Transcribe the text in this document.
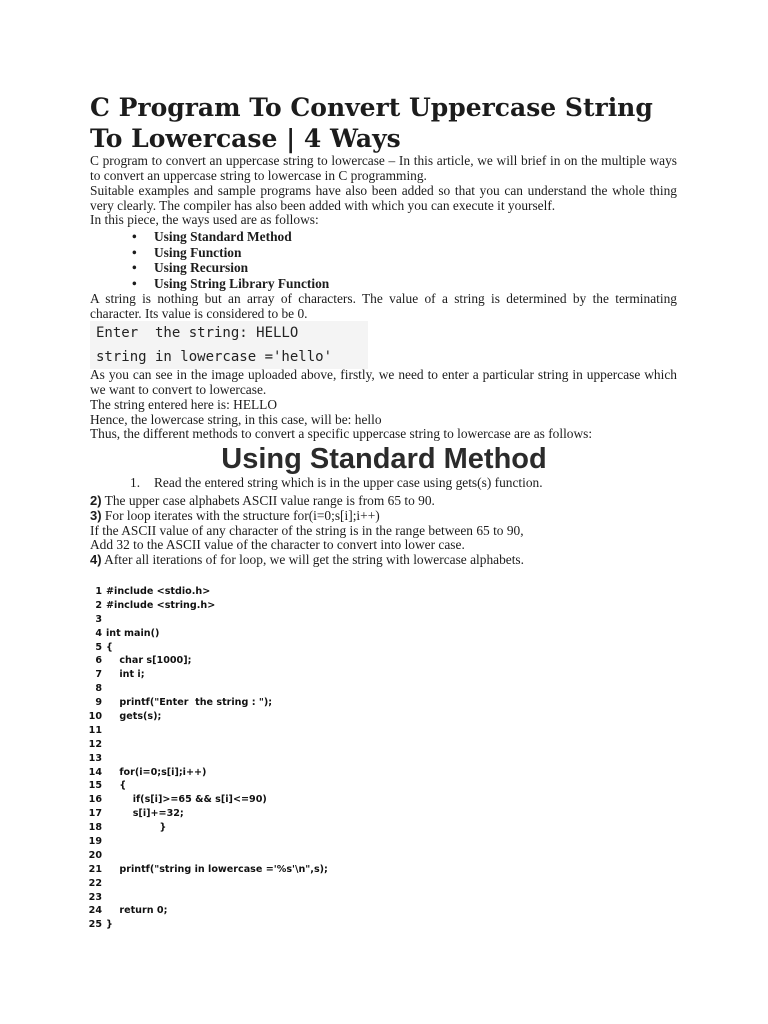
C Program To Convert Uppercase String To Lowercase | 4 Ways

C program to convert an uppercase string to lowercase – In this article, we will brief in on the multiple ways to convert an uppercase string to lowercase in C programming.

Suitable examples and sample programs have also been added so that you can understand the whole thing very clearly. The compiler has also been added with which you can execute it yourself.

In this piece, the ways used are as follows:

• Using Standard Method
• Using Function
• Using Recursion
• Using String Library Function

A string is nothing but an array of characters. The value of a string is determined by the terminating character. Its value is considered to be 0.

Enter  the string: HELLO
string in lowercase ='hello'

As you can see in the image uploaded above, firstly, we need to enter a particular string in uppercase which we want to convert to lowercase.

The string entered here is: HELLO

Hence, the lowercase string, in this case, will be: hello

Thus, the different methods to convert a specific uppercase string to lowercase are as follows:

Using Standard Method
1. Read the entered string which is in the upper case using gets(s) function.

2) The upper case alphabets ASCII value range is from 65 to 90.

3) For loop iterates with the structure for(i=0;s[i];i++)

If the ASCII value of any character of the string is in the range between 65 to 90,

Add 32 to the ASCII value of the character to convert into lower case.

4) After all iterations of for loop, we will get the string with lowercase alphabets.

1 #include <stdio.h>
2 #include <string.h>
3
4 int main()
5 {
6 char s[1000];
7 int i;
8
9 printf("Enter  the string : ");
10 gets(s);
11
12
13
14 for(i=0;s[i];i++)
15 {
16 if(s[i]>=65 && s[i]<=90)
17 s[i]+=32;
18 }
19
20
21 printf("string in lowercase ='%s'\n",s);
22
23
24 return 0;
25 }
